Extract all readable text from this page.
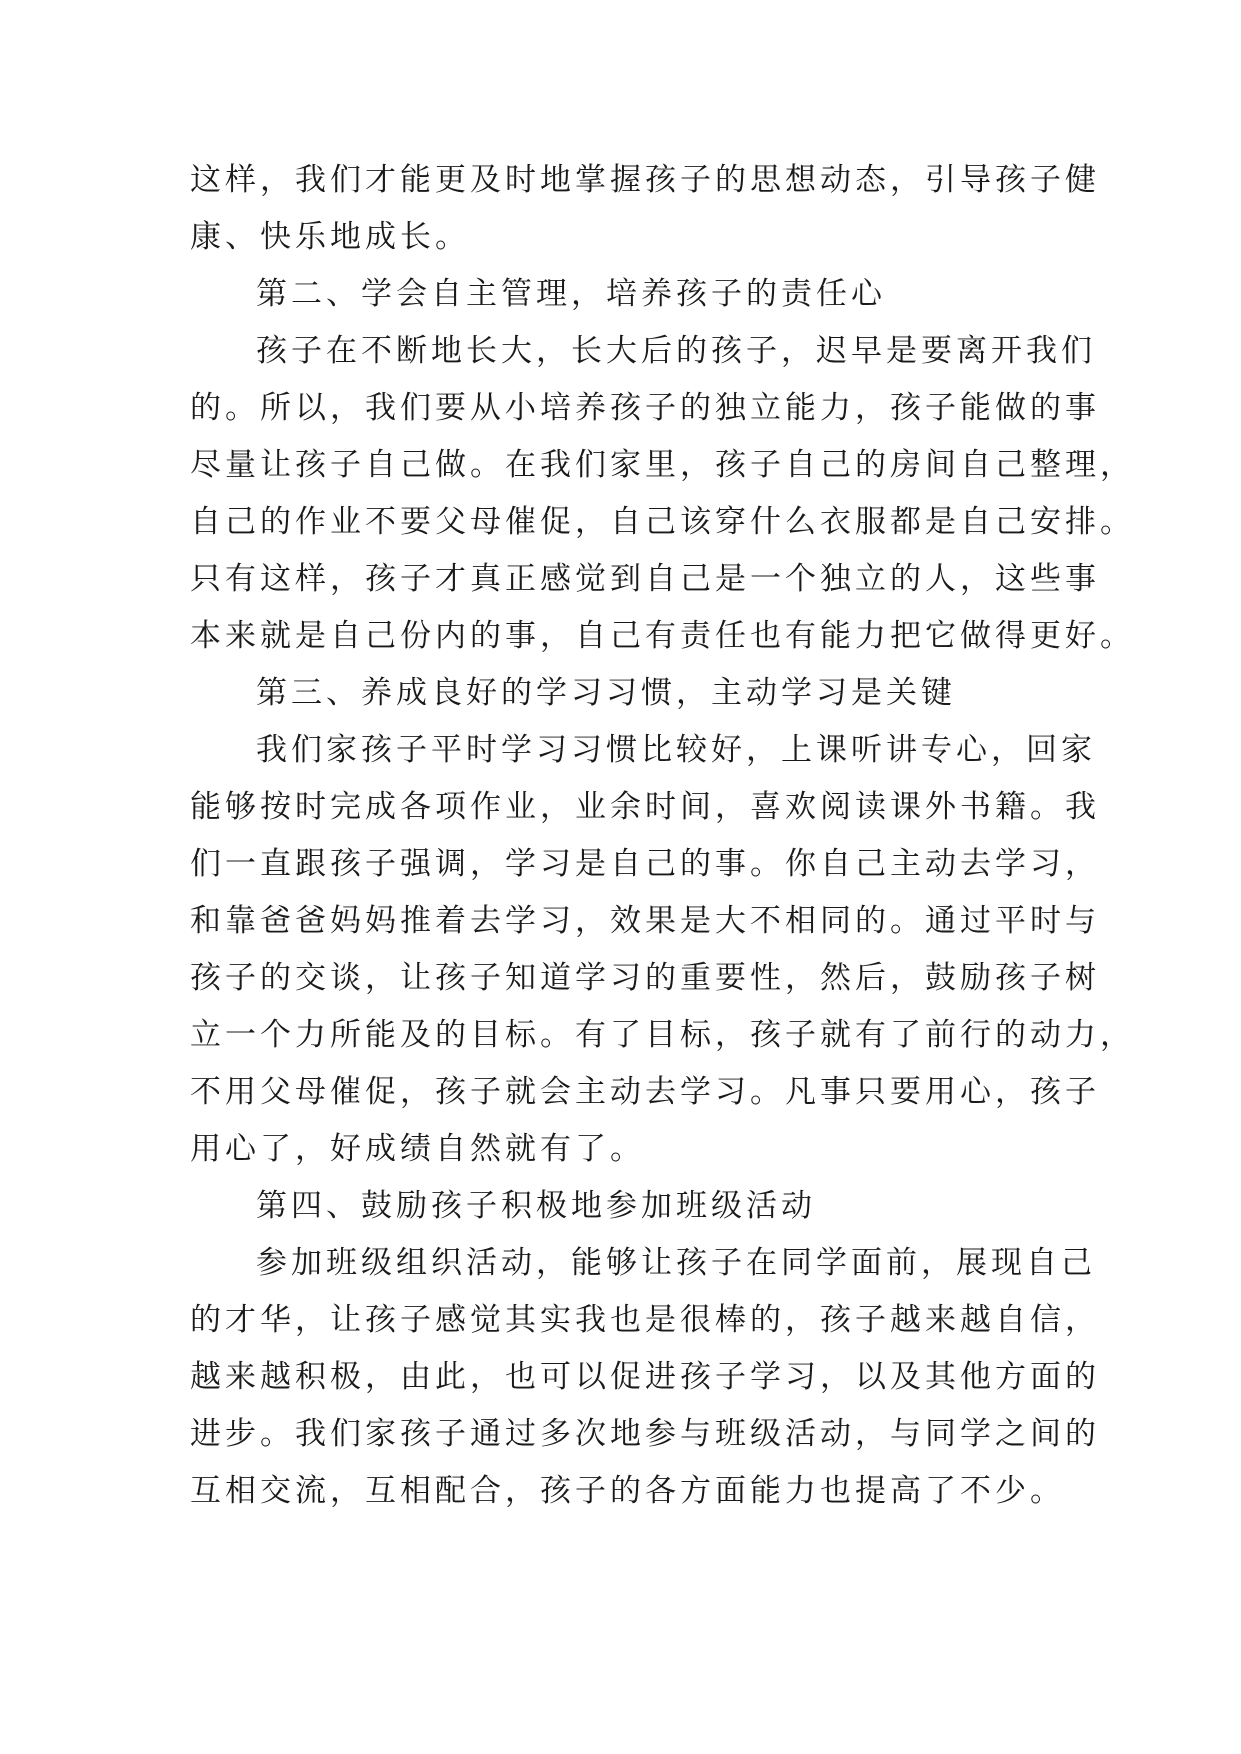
这样，我们才能更及时地掌握孩子的思想动态，引导孩子健
康、快乐地成长。
第二、学会自主管理，培养孩子的责任心
孩子在不断地长大，长大后的孩子，迟早是要离开我们
的。所以，我们要从小培养孩子的独立能力，孩子能做的事
尽量让孩子自己做。在我们家里，孩子自己的房间自己整理，
自己的作业不要父母催促，自己该穿什么衣服都是自己安排。
只有这样，孩子才真正感觉到自己是一个独立的人，这些事
本来就是自己份内的事，自己有责任也有能力把它做得更好。
第三、养成良好的学习习惯，主动学习是关键
我们家孩子平时学习习惯比较好，上课听讲专心，回家
能够按时完成各项作业，业余时间，喜欢阅读课外书籍。我
们一直跟孩子强调，学习是自己的事。你自己主动去学习，
和靠爸爸妈妈推着去学习，效果是大不相同的。通过平时与
孩子的交谈，让孩子知道学习的重要性，然后，鼓励孩子树
立一个力所能及的目标。有了目标，孩子就有了前行的动力，
不用父母催促，孩子就会主动去学习。凡事只要用心，孩子
用心了，好成绩自然就有了。
第四、鼓励孩子积极地参加班级活动
参加班级组织活动，能够让孩子在同学面前，展现自己
的才华，让孩子感觉其实我也是很棒的，孩子越来越自信，
越来越积极，由此，也可以促进孩子学习，以及其他方面的
进步。我们家孩子通过多次地参与班级活动，与同学之间的
互相交流，互相配合，孩子的各方面能力也提高了不少。
